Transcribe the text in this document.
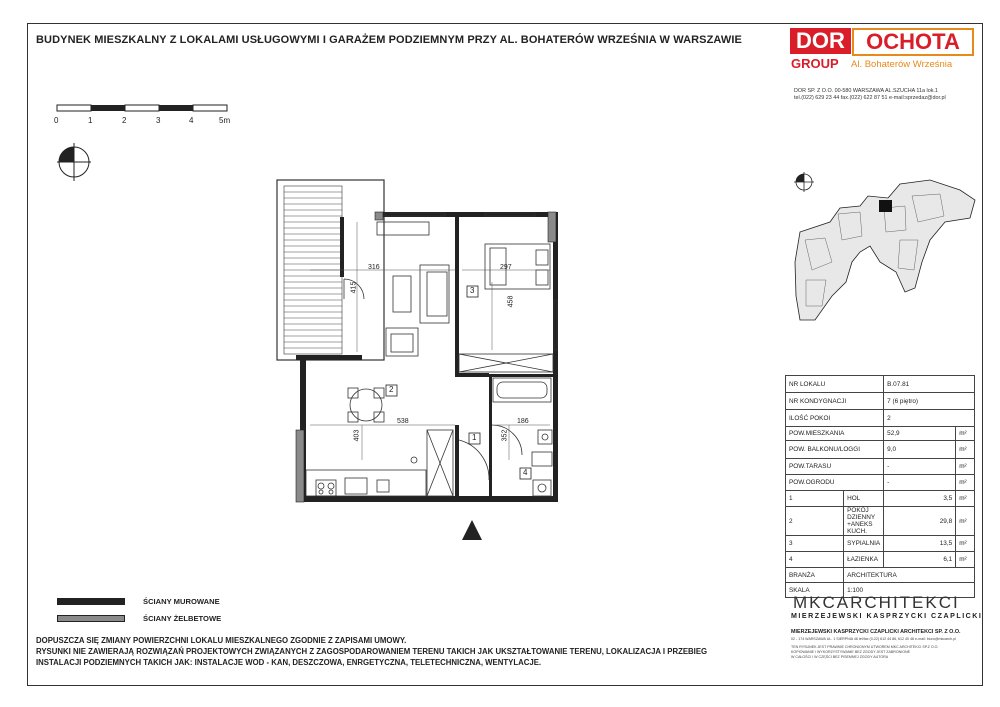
BUDYNEK MIESZKALNY Z LOKALAMI USŁUGOWYMI I GARAŻEM PODZIEMNYM PRZY AL. BOHATERÓW WRZEŚNIA W WARSZAWIE
0	1	2	3	4	5m
316	297
415
458
538
403
186
352
3
2
1
4
ŚCIANY MUROWANE
ŚCIANY ŻELBETOWE
DOPUSZCZA SIĘ ZMIANY POWIERZCHNI LOKALU MIESZKALNEGO ZGODNIE Z ZAPISAMI UMOWY.
RYSUNKI NIE ZAWIERAJĄ ROZWIĄZAŃ PROJEKTOWYCH ZWIĄZANYCH Z ZAGOSPODAROWANIEM TERENU TAKICH JAK UKSZTAŁTOWANIE TERENU, LOKALIZACJA I PRZEBIEG
INSTALACJI PODZIEMNYCH TAKICH JAK: INSTALACJE WOD - KAN, DESZCZOWA, ENRGETYCZNA, TELETECHNICZNA, WENTYLACJE.
DOR OCHOTA
GROUP Al. Bohaterów Września
DOR SP. Z O.O. 00-580 WARSZAWA AL.SZUCHA 11a lok.1
tel.(022) 629 23 44 fax.(022) 622 87 51 e-mail:sprzedaz@dor.pl
NR LOKALU		B.07.81	
NR KONDYGNACJI		7 (6 piętro)	
ILOŚĆ POKOI		2	
POW.MIESZKANIA		52,9	m²
POW. BALKONU/LOGGI		9,0	m²
POW.TARASU		-	m²
POW.OGRODU		-	m²
1	HOL	3,5	m²
2	POKÓJ DZIENNY +ANEKS KUCH.	29,8	m²
3	SYPIALNIA	13,5	m²
4	ŁAZIENKA	6,1	m²
BRANŻA	ARCHITEKTURA		
SKALA	1:100		
MKCARCHITEKCI
MIERZEJEWSKI KASPRZYCKI CZAPLICKI
MIERZEJEWSKI KASPRZYCKI CZAPLICKI ARCHITEKCI SP. Z O.O.
02 - 174 WARSZAWA UL. 1 SIERPNIA 46 tel/fax (0-22) 612 44 86, 612 40 48 e-mail: biuro@mkcarch.pl
TEN RYSUNEK JEST PRAWNIE CHRONIONYM UTWOREM MKC ARCHITEKCI SP.Z O.O.
KOPIOWANIE I WYKORZYSTYWANIE BEZ ZGODY JEST ZABRONIONE
W CAŁOŚCI I W CZĘŚCI BEZ PISEMNEJ ZGODY AUTORA
